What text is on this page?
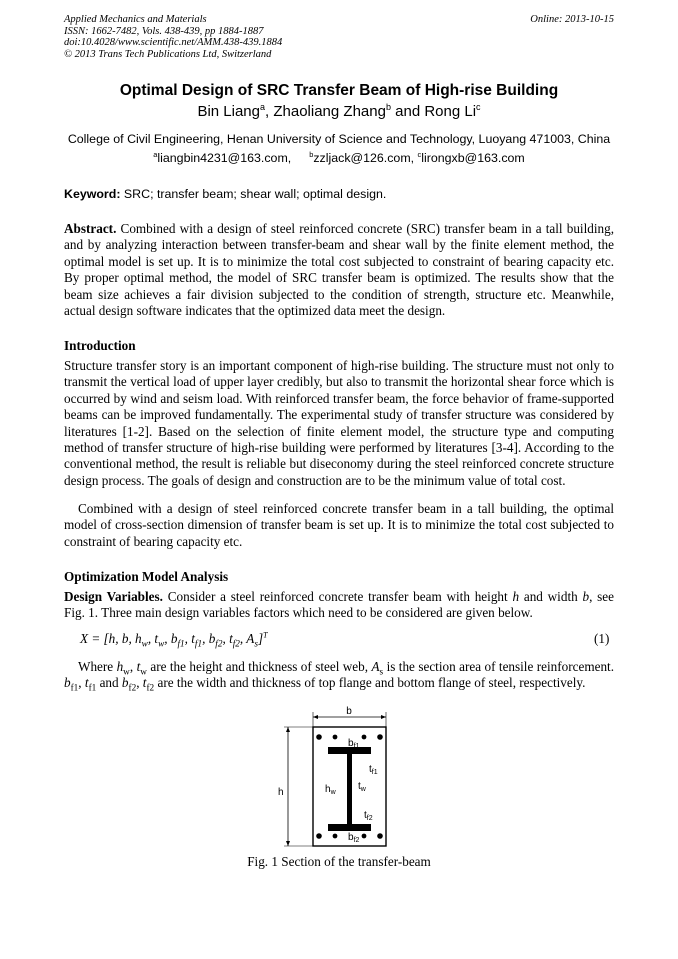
Applied Mechanics and Materials
ISSN: 1662-7482, Vols. 438-439, pp 1884-1887
doi:10.4028/www.scientific.net/AMM.438-439.1884
© 2013 Trans Tech Publications Ltd, Switzerland
Online: 2013-10-15
Optimal Design of SRC Transfer Beam of High-rise Building
Bin Liang$^a$, Zhaoliang Zhang$^b$ and Rong Li$^c$
College of Civil Engineering, Henan University of Science and Technology, Luoyang 471003, China
$^a$liangbin4231@163.com, $^b$zzljack@126.com, $^c$lirongxb@163.com
Keyword: SRC; transfer beam; shear wall; optimal design.
Abstract. Combined with a design of steel reinforced concrete (SRC) transfer beam in a tall building, and by analyzing interaction between transfer-beam and shear wall by the finite element method, the optimal model is set up. It is to minimize the total cost subjected to constraint of bearing capacity etc. By proper optimal method, the model of SRC transfer beam is optimized. The results show that the beam size achieves a fair division subjected to the condition of strength, structure etc. Meanwhile, actual design software indicates that the optimized data meet the design.
Introduction
Structure transfer story is an important component of high-rise building. The structure must not only to transmit the vertical load of upper layer credibly, but also to transmit the horizontal shear force which is occurred by wind and seism load. With reinforced transfer beam, the force behavior of frame-supported beams can be improved fundamentally. The experimental study of transfer structure was considered by literatures [1-2]. Based on the selection of finite element model, the structure type and computing method of transfer structure of high-rise building were performed by literatures [3-4]. According to the conventional method, the result is reliable but diseconomy during the steel reinforced concrete structure design process. The goals of design and construction are to be the minimum value of total cost.
Combined with a design of steel reinforced concrete transfer beam in a tall building, the optimal model of cross-section dimension of transfer beam is set up. It is to minimize the total cost subjected to constraint of bearing capacity etc.
Optimization Model Analysis
Design Variables. Consider a steel reinforced concrete transfer beam with height h and width b, see Fig. 1. Three main design variables factors which need to be considered are given below.
X = [h, b, $h_w$, $t_w$, $b_{f1}$, $t_{f1}$, $b_{f2}$, $t_{f2}$, $A_s]^T$	(1)
Where $h_w$, $t_w$ are the height and thickness of steel web, $A_s$ is the section area of tensile reinforcement. $b_{f1}$, $t_{f1}$ and $b_{f2}$, $t_{f2}$ are the width and thickness of top flange and bottom flange of steel, respectively.
b
h
$b_{f1}$
$t_{f1}$
$h_w$
$t_w$
$t_{f2}$
$b_{f2}$
Fig. 1 Section of the transfer-beam
